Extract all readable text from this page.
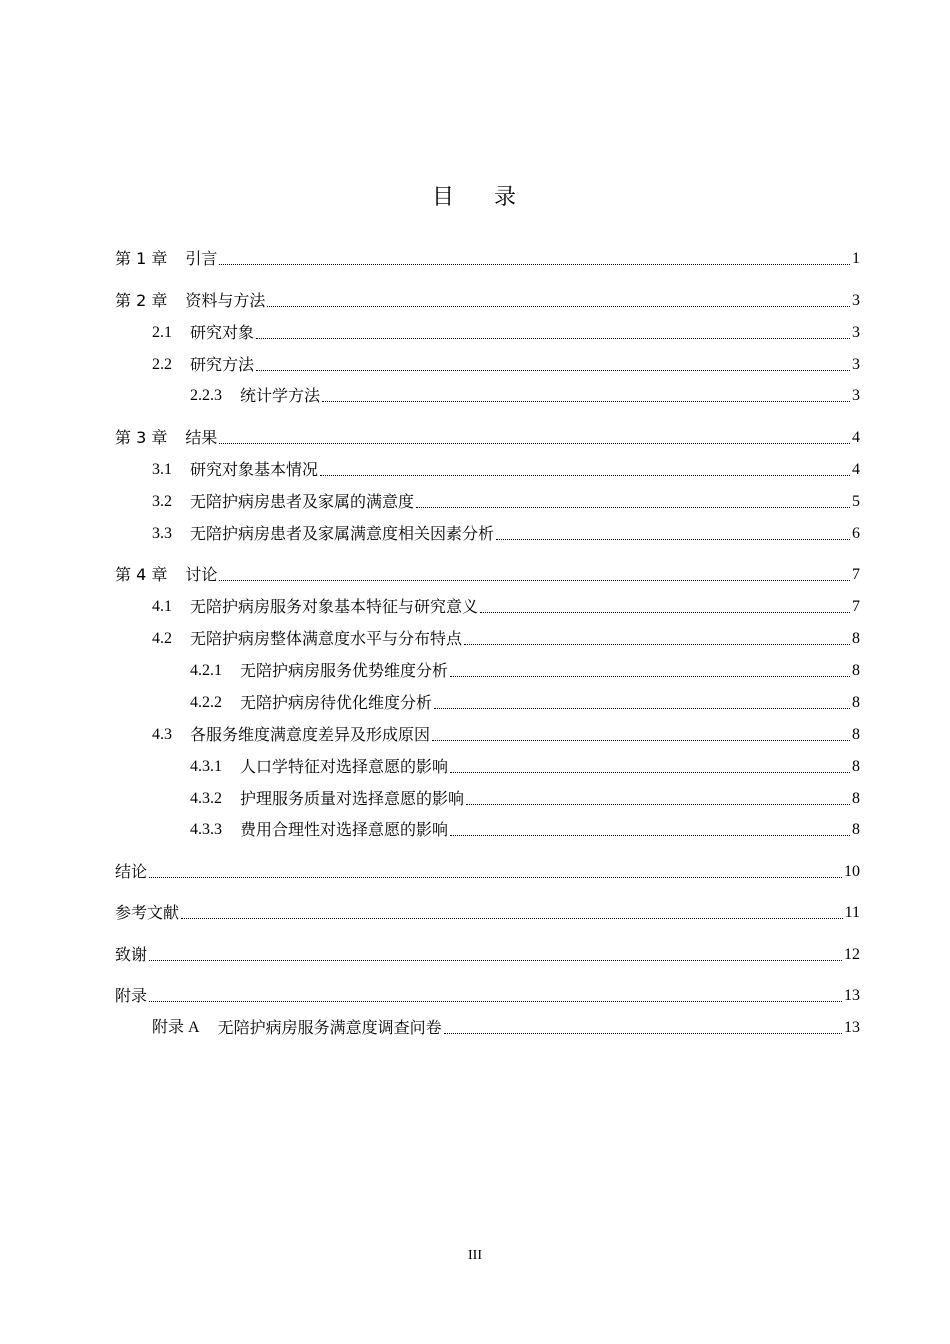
目 录
第 1 章 引言	1
第 2 章 资料与方法	3
2.1 研究对象	3
2.2 研究方法	3
2.2.3 统计学方法	3
第 3 章 结果	4
3.1 研究对象基本情况	4
3.2 无陪护病房患者及家属的满意度	5
3.3 无陪护病房患者及家属满意度相关因素分析	6
第 4 章 讨论	7
4.1 无陪护病房服务对象基本特征与研究意义	7
4.2 无陪护病房整体满意度水平与分布特点	8
4.2.1 无陪护病房服务优势维度分析	8
4.2.2 无陪护病房待优化维度分析	8
4.3 各服务维度满意度差异及形成原因	8
4.3.1 人口学特征对选择意愿的影响	8
4.3.2 护理服务质量对选择意愿的影响	8
4.3.3 费用合理性对选择意愿的影响	8
结论	10
参考文献	11
致谢	12
附录	13
附录 A 无陪护病房服务满意度调查问卷	13
III
